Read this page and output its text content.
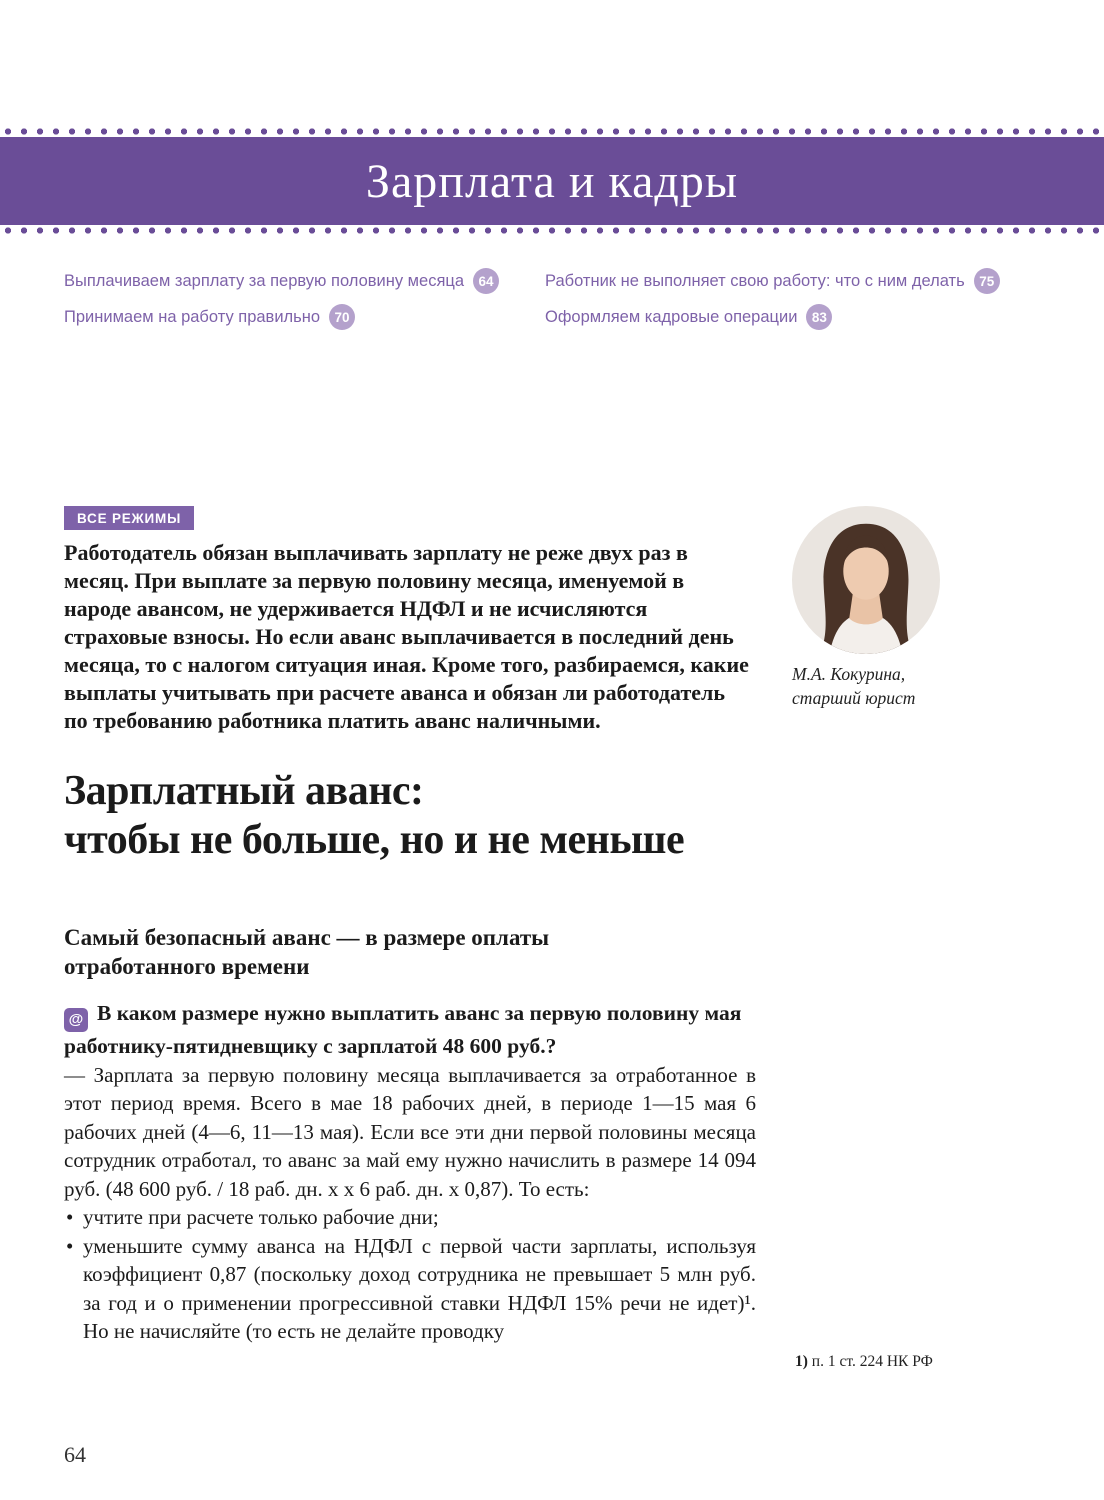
Зарплата и кадры
Выплачиваем зарплату за первую половину месяца	64
Принимаем на работу правильно	70
Работник не выполняет свою работу: что с ним делать	75
Оформляем кадровые операции	83
ВСЕ РЕЖИМЫ

Работодатель обязан выплачивать зарплату не реже двух раз в месяц. При выплате за первую половину месяца, именуемой в народе авансом, не удерживается НДФЛ и не исчисляются страховые взносы. Но если аванс выплачивается в последний день месяца, то с налогом ситуация иная. Кроме того, разбираемся, какие выплаты учитывать при расчете аванса и обязан ли работодатель по требованию работника платить аванс наличными.

Зарплатный аванс:
чтобы не больше, но и не меньше
Самый безопасный аванс — в размере оплаты отработанного времени

@ В каком размере нужно выплатить аванс за первую половину мая работнику-пятидневщику с зарплатой 48 600 руб.?

— Зарплата за первую половину месяца выплачивается за отработанное в этот период время. Всего в мае 18 рабочих дней, в периоде 1—15 мая 6 рабочих дней (4—6, 11—13 мая). Если все эти дни первой половины месяца сотрудник отработал, то аванс за май ему нужно начислить в размере 14 094 руб. (48 600 руб. / 18 раб. дн. x x 6 раб. дн. x 0,87). То есть:

• учтите при расчете только рабочие дни;
• уменьшите сумму аванса на НДФЛ с первой части зарплаты, используя коэффициент 0,87 (поскольку доход сотрудника не превышает 5 млн руб. за год и о применении прогрессивной ставки НДФЛ 15% речи не идет)¹. Но не начисляйте (то есть не делайте проводку

М.А. Кокурина,
старший юрист

1) п. 1 ст. 224 НК РФ

64
